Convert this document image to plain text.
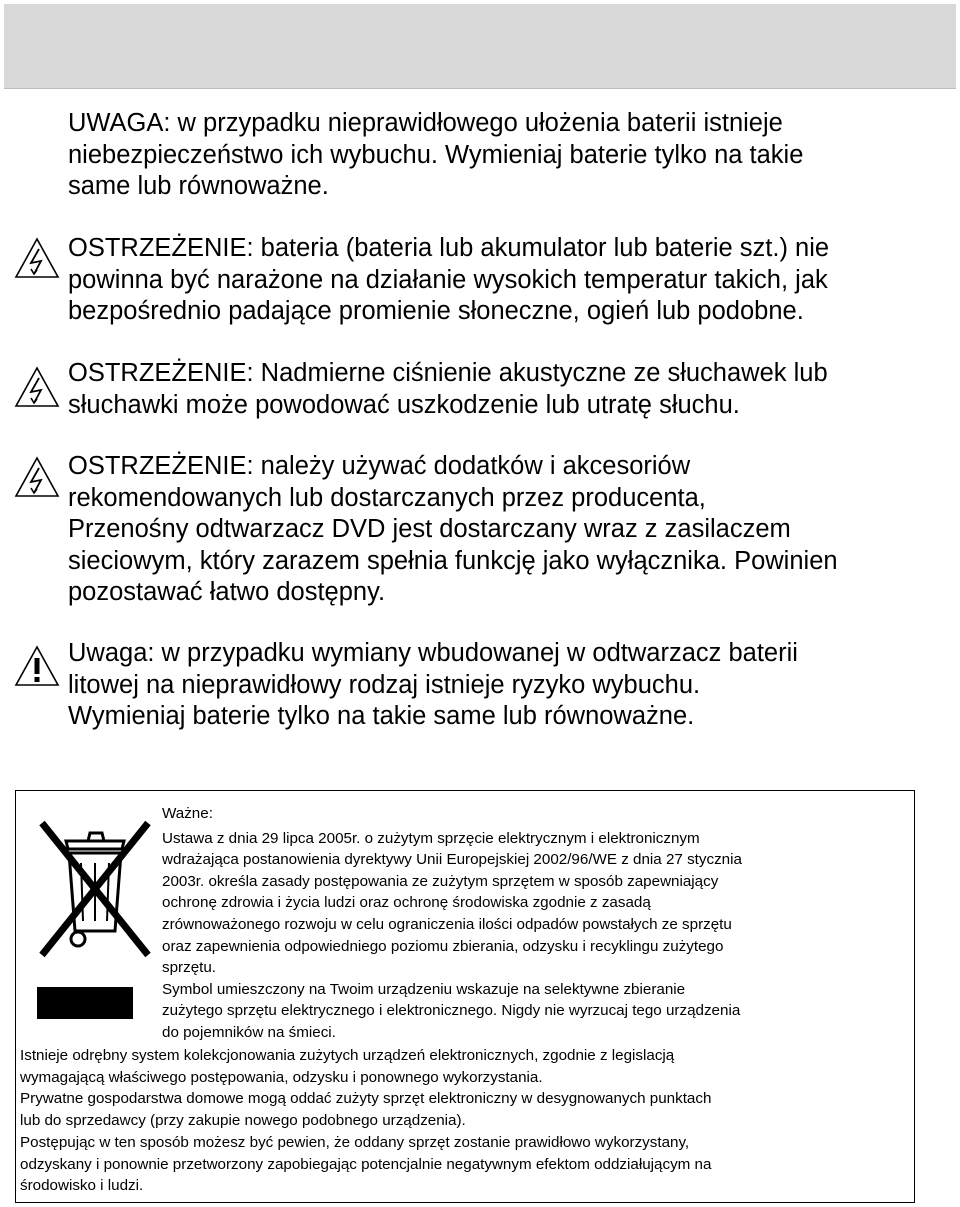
UWAGA: w przypadku nieprawidłowego ułożenia baterii istnieje
niebezpieczeństwo ich wybuchu. Wymieniaj baterie tylko na takie
same lub równoważne.
OSTRZEŻENIE: bateria (bateria lub akumulator lub baterie szt.) nie
powinna być narażone na działanie wysokich temperatur takich, jak
bezpośrednio padające promienie słoneczne, ogień lub podobne.
OSTRZEŻENIE: Nadmierne ciśnienie akustyczne ze słuchawek lub
słuchawki może powodować uszkodzenie lub utratę słuchu.
OSTRZEŻENIE: należy używać dodatków i akcesoriów
rekomendowanych lub dostarczanych przez producenta,
Przenośny odtwarzacz DVD jest dostarczany wraz z zasilaczem
sieciowym, który zarazem spełnia funkcję jako wyłącznika. Powinien
pozostawać łatwo dostępny.
Uwaga: w przypadku wymiany wbudowanej w odtwarzacz baterii
litowej na nieprawidłowy rodzaj istnieje ryzyko wybuchu.
Wymieniaj baterie tylko na takie same lub równoważne.
Ważne:
Ustawa z dnia 29 lipca 2005r. o zużytym sprzęcie elektrycznym i elektronicznym
wdrażająca postanowienia dyrektywy Unii Europejskiej 2002/96/WE z dnia 27 stycznia
2003r. określa zasady postępowania ze zużytym sprzętem w sposób zapewniający
ochronę zdrowia i życia ludzi oraz ochronę środowiska zgodnie z zasadą
zrównoważonego rozwoju w celu ograniczenia ilości odpadów powstałych ze sprzętu
oraz zapewnienia odpowiedniego poziomu zbierania, odzysku i recyklingu zużytego
sprzętu.
Symbol umieszczony na Twoim urządzeniu wskazuje na selektywne zbieranie
zużytego sprzętu elektrycznego i elektronicznego. Nigdy nie wyrzucaj tego urządzenia
do pojemników na śmieci.
Istnieje odrębny system kolekcjonowania zużytych urządzeń elektronicznych, zgodnie z legislacją
wymagającą właściwego postępowania, odzysku i ponownego wykorzystania.
Prywatne gospodarstwa domowe mogą oddać zużyty sprzęt elektroniczny w desygnowanych punktach
lub do sprzedawcy (przy zakupie nowego podobnego urządzenia).
Postępując w ten sposób możesz być pewien, że oddany sprzęt zostanie prawidłowo wykorzystany,
odzyskany i ponownie przetworzony zapobiegając potencjalnie negatywnym efektom oddziałującym na
środowisko i ludzi.
